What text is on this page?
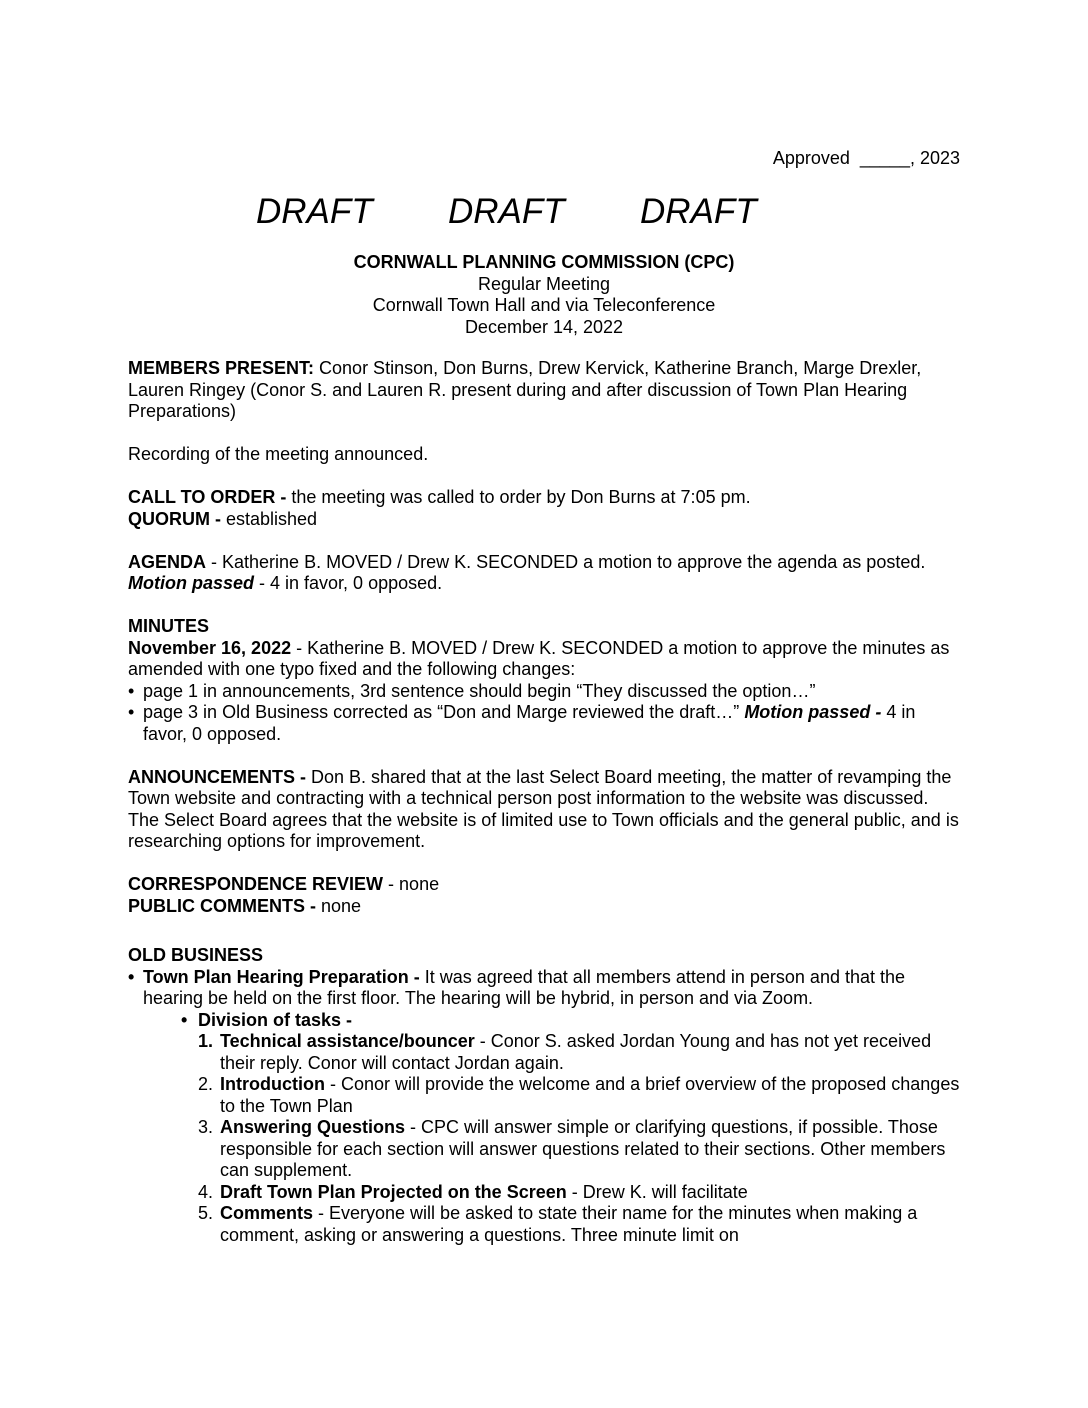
Approved  _____, 2023
DRAFT DRAFT DRAFT
CORNWALL PLANNING COMMISSION (CPC)
Regular Meeting
Cornwall Town Hall and via Teleconference
December 14, 2022

MEMBERS PRESENT: Conor Stinson, Don Burns, Drew Kervick, Katherine Branch, Marge Drexler, Lauren Ringey (Conor S. and Lauren R. present during and after discussion of Town Plan Hearing Preparations)

Recording of the meeting announced.

CALL TO ORDER - the meeting was called to order by Don Burns at 7:05 pm.

QUORUM - established

AGENDA - Katherine B. MOVED / Drew K. SECONDED a motion to approve the agenda as posted. Motion passed - 4 in favor, 0 opposed.

MINUTES

November 16, 2022 - Katherine B. MOVED / Drew K. SECONDED a motion to approve the minutes as amended with one typo fixed and the following changes:

• page 1 in announcements, 3rd sentence should begin “They discussed the option…”

• page 3 in Old Business corrected as “Don and Marge reviewed the draft…” Motion passed - 4 in favor, 0 opposed.

ANNOUNCEMENTS - Don B. shared that at the last Select Board meeting, the matter of revamping the Town website and contracting with a technical person post information to the website was discussed. The Select Board agrees that the website is of limited use to Town officials and the general public, and is researching options for improvement.

CORRESPONDENCE REVIEW - none

PUBLIC COMMENTS - none

OLD BUSINESS

• Town Plan Hearing Preparation - It was agreed that all members attend in person and that the hearing be held on the first floor. The hearing will be hybrid, in person and via Zoom.

• Division of tasks -

1. Technical assistance/bouncer - Conor S. asked Jordan Young and has not yet received their reply. Conor will contact Jordan again.

2. Introduction - Conor will provide the welcome and a brief overview of the proposed changes to the Town Plan

3. Answering Questions - CPC will answer simple or clarifying questions, if possible. Those responsible for each section will answer questions related to their sections. Other members can supplement.

4. Draft Town Plan Projected on the Screen - Drew K. will facilitate

5. Comments - Everyone will be asked to state their name for the minutes when making a comment, asking or answering a questions. Three minute limit on
